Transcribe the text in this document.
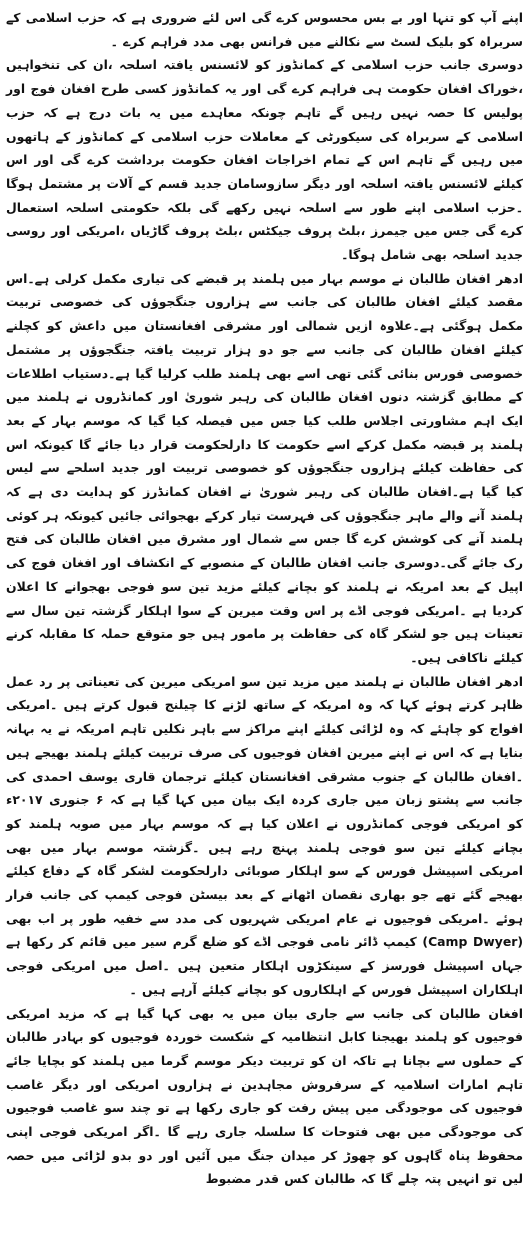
اپنے آپ کو تنہا اور بے بس محسوس کرے گی اس لئے ضروری ہے کہ حزب اسلامی کے سربراہ کو بلیک لسٹ سے نکالنے میں فرانس بھی مدد فراہم کرے ۔

دوسری جانب حزب اسلامی کے کمانڈوز کو لائسنس یافتہ اسلحہ ،ان کی تنخواہیں ،خوراک افغان حکومت ہی فراہم کرے گی اور یہ کمانڈوز کسی طرح افغان فوج اور پولیس کا حصہ نہیں رہیں گے تاہم چونکہ معاہدے میں یہ بات درج ہے کہ حزب اسلامی کے سربراہ کی سیکورٹی کے معاملات حزب اسلامی کے کمانڈوز کے ہاتھوں میں رہیں گے تاہم اس کے تمام اخراجات افغان حکومت برداشت کرے گی اور اس کیلئے لائسنس یافتہ اسلحہ اور دیگر سازوسامان جدید قسم کے آلات پر مشتمل ہوگا ۔حزب اسلامی اپنے طور سے اسلحہ نہیں رکھے گی بلکہ حکومتی اسلحہ استعمال کرے گی جس میں جیمرز ،بلٹ پروف جیکٹس ،بلٹ پروف گاڑیاں ،امریکی اور روسی جدید اسلحہ بھی شامل ہوگا۔

ادھر افغان طالبان نے موسم بہار میں ہلمند پر قبضے کی تیاری مکمل کرلی ہے۔اس مقصد کیلئے افغان طالبان کی جانب سے ہزاروں جنگجوؤں کی خصوصی تربیت مکمل ہوگئی ہے۔علاوہ ازیں شمالی اور مشرقی افغانستان میں داعش کو کچلنے کیلئے افغان طالبان کی جانب سے جو دو ہزار تربیت یافتہ جنگجوؤں پر مشتمل خصوصی فورس بنائی گئی تھی اسے بھی ہلمند طلب کرلیا گیا ہے۔دستیاب اطلاعات کے مطابق گزشتہ دنوں افغان طالبان کی رہبر شوریٰ اور کمانڈروں نے ہلمند میں ایک اہم مشاورتی اجلاس طلب کیا جس میں فیصلہ کیا گیا کہ موسم بہار کے بعد ہلمند پر قبضہ مکمل کرکے اسے حکومت کا دارلحکومت قرار دیا جائے گا کیونکہ اس کی حفاظت کیلئے ہزاروں جنگجوؤں کو خصوصی تربیت اور جدید اسلحے سے لیس کیا گیا ہے۔افغان طالبان کی رہبر شوریٰ نے افغان کمانڈرز کو ہدایت دی ہے کہ ہلمند آنے والے ماہر جنگجوؤں کی فہرست تیار کرکے بھجوائی جائیں کیونکہ ہر کوئی ہلمند آنے کی کوشش کرے گا جس سے شمال اور مشرق میں افغان طالبان کی فتح رک جائے گی۔دوسری جانب افغان طالبان کے منصوبے کے انکشاف اور افغان فوج کی اپیل کے بعد امریکہ نے ہلمند کو بچانے کیلئے مزید تین سو فوجی بھجوانے کا اعلان کردیا ہے ۔امریکی فوجی اڈے پر اس وقت میرین کے سوا اہلکار گزشتہ تین سال سے تعینات ہیں جو لشکر گاہ کی حفاظت پر مامور ہیں جو متوقع حملہ کا مقابلہ کرنے کیلئے ناکافی ہیں۔

ادھر افغان طالبان نے ہلمند میں مزید تین سو امریکی میرین کی تعیناتی پر رد عمل ظاہر کرتے ہوئے کہا کہ وہ امریکہ کے ساتھ لڑنے کا چیلنج قبول کرتے ہیں ۔امریکی افواج کو چاہئے کہ وہ لڑائی کیلئے اپنے مراکز سے باہر نکلیں تاہم امریکہ نے یہ بہانہ بنایا ہے کہ اس نے اپنے میرین افغان فوجیوں کی صرف تربیت کیلئے ہلمند بھیجے ہیں ۔افغان طالبان کے جنوب مشرقی افغانستان کیلئے ترجمان قاری یوسف احمدی کی جانب سے پشتو زبان میں جاری کردہ ایک بیان میں کہا گیا ہے کہ ۶ جنوری ۲۰۱۷ء کو امریکی فوجی کمانڈروں نے اعلان کیا ہے کہ موسم بہار میں صوبہ ہلمند کو بچانے کیلئے تین سو فوجی ہلمند پہنچ رہے ہیں ۔گزشتہ موسم بہار میں بھی امریکی اسپیشل فورس کے سو اہلکار صوبائی دارلحکومت لشکر گاہ کے دفاع کیلئے بھیجے گئے تھے جو بھاری نقصان اٹھانے کے بعد بیسٹن فوجی کیمپ کی جانب فرار ہوئے ۔امریکی فوجیوں نے عام امریکی شہریوں کی مدد سے خفیہ طور پر اب بھی (Camp Dwyer) کیمپ ڈائر نامی فوجی اڈے کو ضلع گرم سیر میں قائم کر رکھا ہے جہاں اسپیشل فورسز کے سینکڑوں اہلکار متعین ہیں ۔اصل میں امریکی فوجی اہلکاران اسپیشل فورس کے اہلکاروں کو بچانے کیلئے آرہے ہیں ۔

افغان طالبان کی جانب سے جاری بیان میں یہ بھی کہا گیا ہے کہ مزید امریکی فوجیوں کو ہلمند بھیجنا کابل انتظامیہ کے شکست خوردہ فوجیوں کو بہادر طالبان کے حملوں سے بچانا ہے تاکہ ان کو تربیت دیکر موسم گرما میں ہلمند کو بچایا جائے تاہم امارات اسلامیہ کے سرفروش مجاہدین نے ہزاروں امریکی اور دیگر غاصب فوجیوں کی موجودگی میں پیش رفت کو جاری رکھا ہے تو چند سو غاصب فوجیوں کی موجودگی میں بھی فتوحات کا سلسلہ جاری رہے گا ۔اگر امریکی فوجی اپنی محفوظ پناہ گاہوں کو چھوڑ کر میدان جنگ میں آئیں اور دو بدو لڑائی میں حصہ لیں تو انہیں پتہ چلے گا کہ طالبان کس قدر مضبوط
